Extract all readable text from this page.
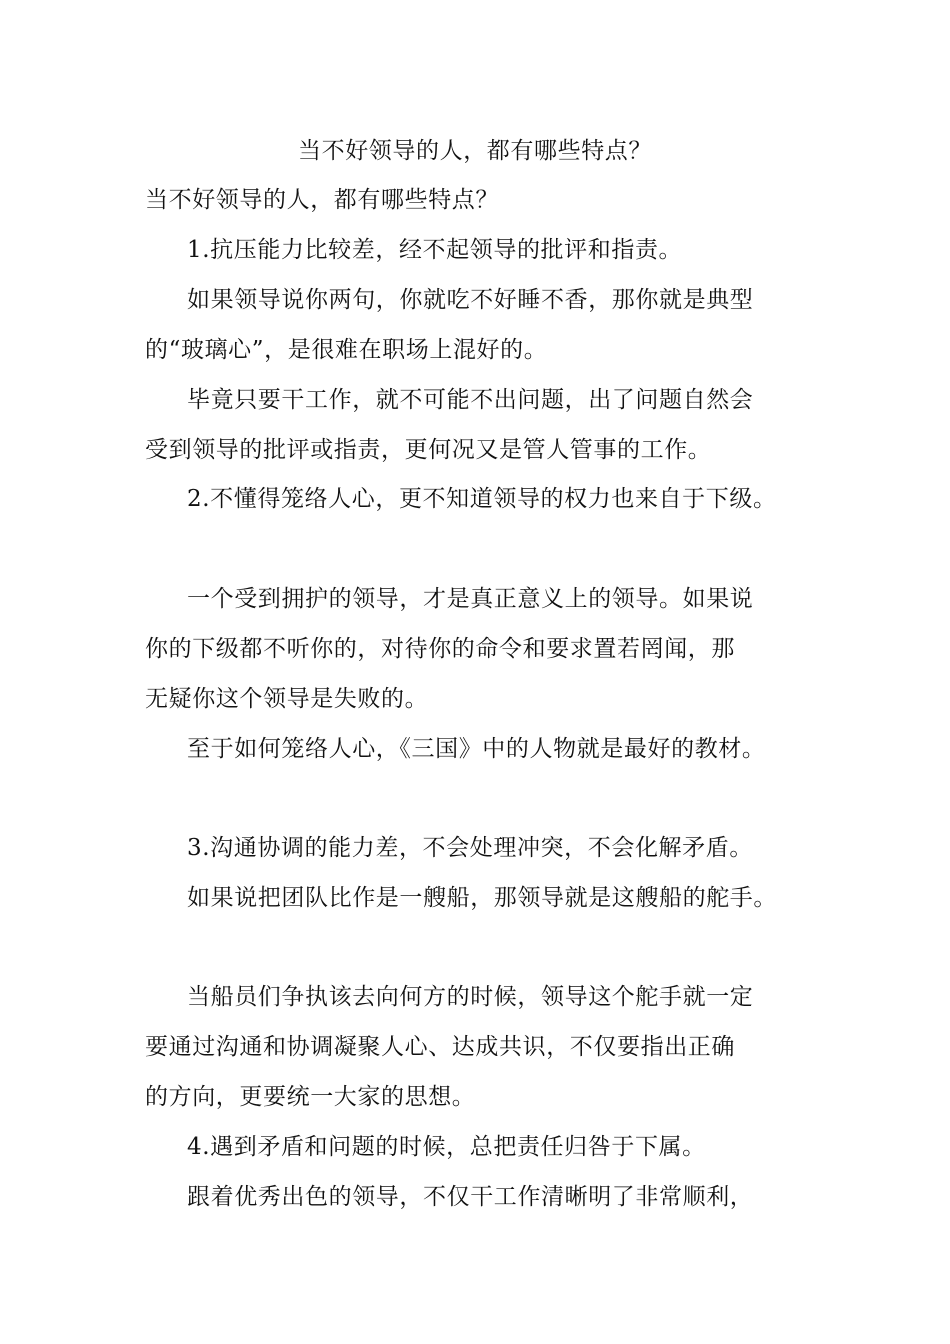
当不好领导的人，都有哪些特点？
当不好领导的人，都有哪些特点？
1.抗压能力比较差，经不起领导的批评和指责。
如果领导说你两句，你就吃不好睡不香，那你就是典型
的“玻璃心”，是很难在职场上混好的。
毕竟只要干工作，就不可能不出问题，出了问题自然会
受到领导的批评或指责，更何况又是管人管事的工作。
2.不懂得笼络人心，更不知道领导的权力也来自于下级。
一个受到拥护的领导，才是真正意义上的领导。如果说
你的下级都不听你的，对待你的命令和要求置若罔闻，那
无疑你这个领导是失败的。
至于如何笼络人心，《三国》中的人物就是最好的教材。
3.沟通协调的能力差，不会处理冲突，不会化解矛盾。
如果说把团队比作是一艘船，那领导就是这艘船的舵手。
当船员们争执该去向何方的时候，领导这个舵手就一定
要通过沟通和协调凝聚人心、达成共识，不仅要指出正确
的方向，更要统一大家的思想。
4.遇到矛盾和问题的时候，总把责任归咎于下属。
跟着优秀出色的领导，不仅干工作清晰明了非常顺利，
